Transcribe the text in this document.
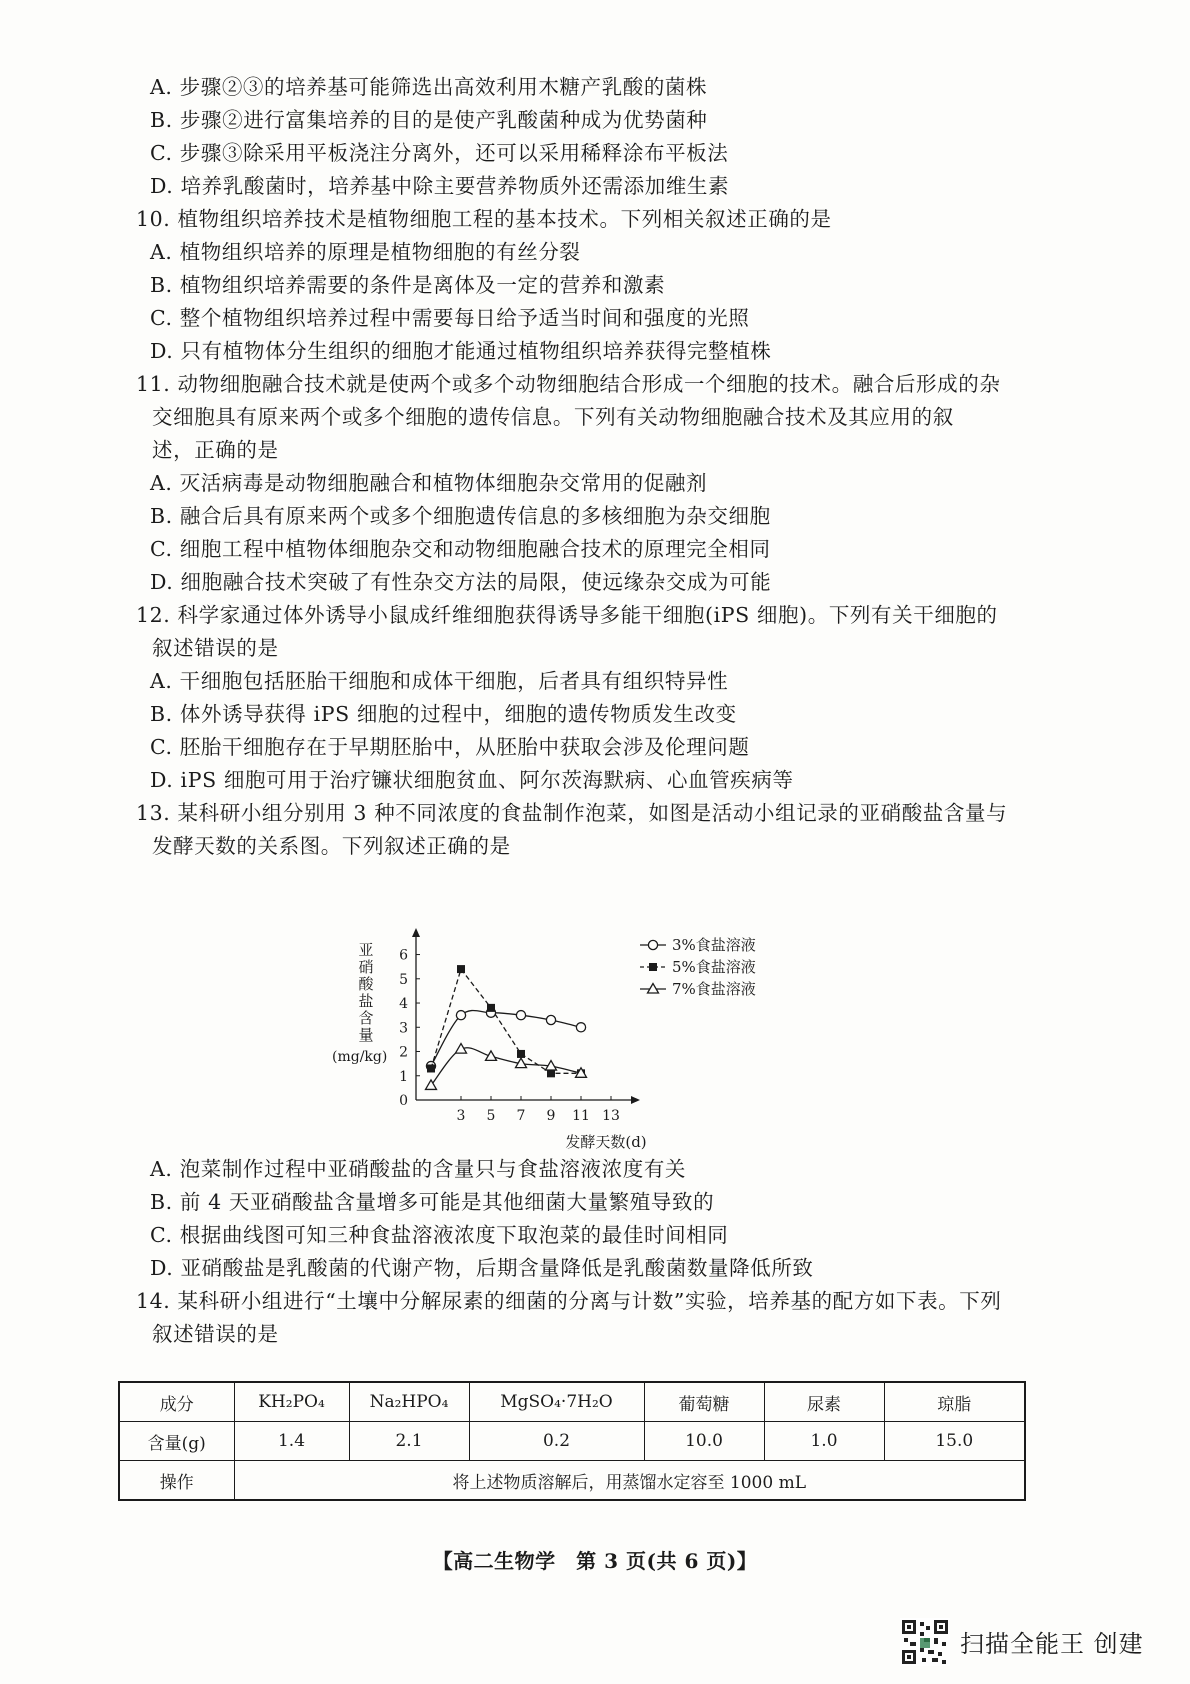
A. 步骤②③的培养基可能筛选出高效利用木糖产乳酸的菌株
B. 步骤②进行富集培养的目的是使产乳酸菌种成为优势菌种
C. 步骤③除采用平板浇注分离外，还可以采用稀释涂布平板法
D. 培养乳酸菌时，培养基中除主要营养物质外还需添加维生素
10. 植物组织培养技术是植物细胞工程的基本技术。下列相关叙述正确的是
A. 植物组织培养的原理是植物细胞的有丝分裂
B. 植物组织培养需要的条件是离体及一定的营养和激素
C. 整个植物组织培养过程中需要每日给予适当时间和强度的光照
D. 只有植物体分生组织的细胞才能通过植物组织培养获得完整植株
11. 动物细胞融合技术就是使两个或多个动物细胞结合形成一个细胞的技术。融合后形成的杂
交细胞具有原来两个或多个细胞的遗传信息。下列有关动物细胞融合技术及其应用的叙
述，正确的是
A. 灭活病毒是动物细胞融合和植物体细胞杂交常用的促融剂
B. 融合后具有原来两个或多个细胞遗传信息的多核细胞为杂交细胞
C. 细胞工程中植物体细胞杂交和动物细胞融合技术的原理完全相同
D. 细胞融合技术突破了有性杂交方法的局限，使远缘杂交成为可能
12. 科学家通过体外诱导小鼠成纤维细胞获得诱导多能干细胞(iPS 细胞)。下列有关干细胞的
叙述错误的是
A. 干细胞包括胚胎干细胞和成体干细胞，后者具有组织特异性
B. 体外诱导获得 iPS 细胞的过程中，细胞的遗传物质发生改变
C. 胚胎干细胞存在于早期胚胎中，从胚胎中获取会涉及伦理问题
D. iPS 细胞可用于治疗镰状细胞贫血、阿尔茨海默病、心血管疾病等
13. 某科研小组分别用 3 种不同浓度的食盐制作泡菜，如图是活动小组记录的亚硝酸盐含量与
发酵天数的关系图。下列叙述正确的是
亚
硝
酸
盐
含
量
(mg/kg)
0
1
2
3
4
5
6
3 5 7 9 11 13
发酵天数(d)
3%食盐溶液
5%食盐溶液
7%食盐溶液
A. 泡菜制作过程中亚硝酸盐的含量只与食盐溶液浓度有关
B. 前 4 天亚硝酸盐含量增多可能是其他细菌大量繁殖导致的
C. 根据曲线图可知三种食盐溶液浓度下取泡菜的最佳时间相同
D. 亚硝酸盐是乳酸菌的代谢产物，后期含量降低是乳酸菌数量降低所致
14. 某科研小组进行“土壤中分解尿素的细菌的分离与计数”实验，培养基的配方如下表。下列
叙述错误的是
成分	KH₂PO₄	Na₂HPO₄	MgSO₄·7H₂O	葡萄糖	尿素	琼脂
含量(g)	1.4	2.1	0.2	10.0	1.0	15.0
操作	将上述物质溶解后，用蒸馏水定容至 1000 mL					
【高二生物学　第 3 页(共 6 页)】
扫描全能王 创建
